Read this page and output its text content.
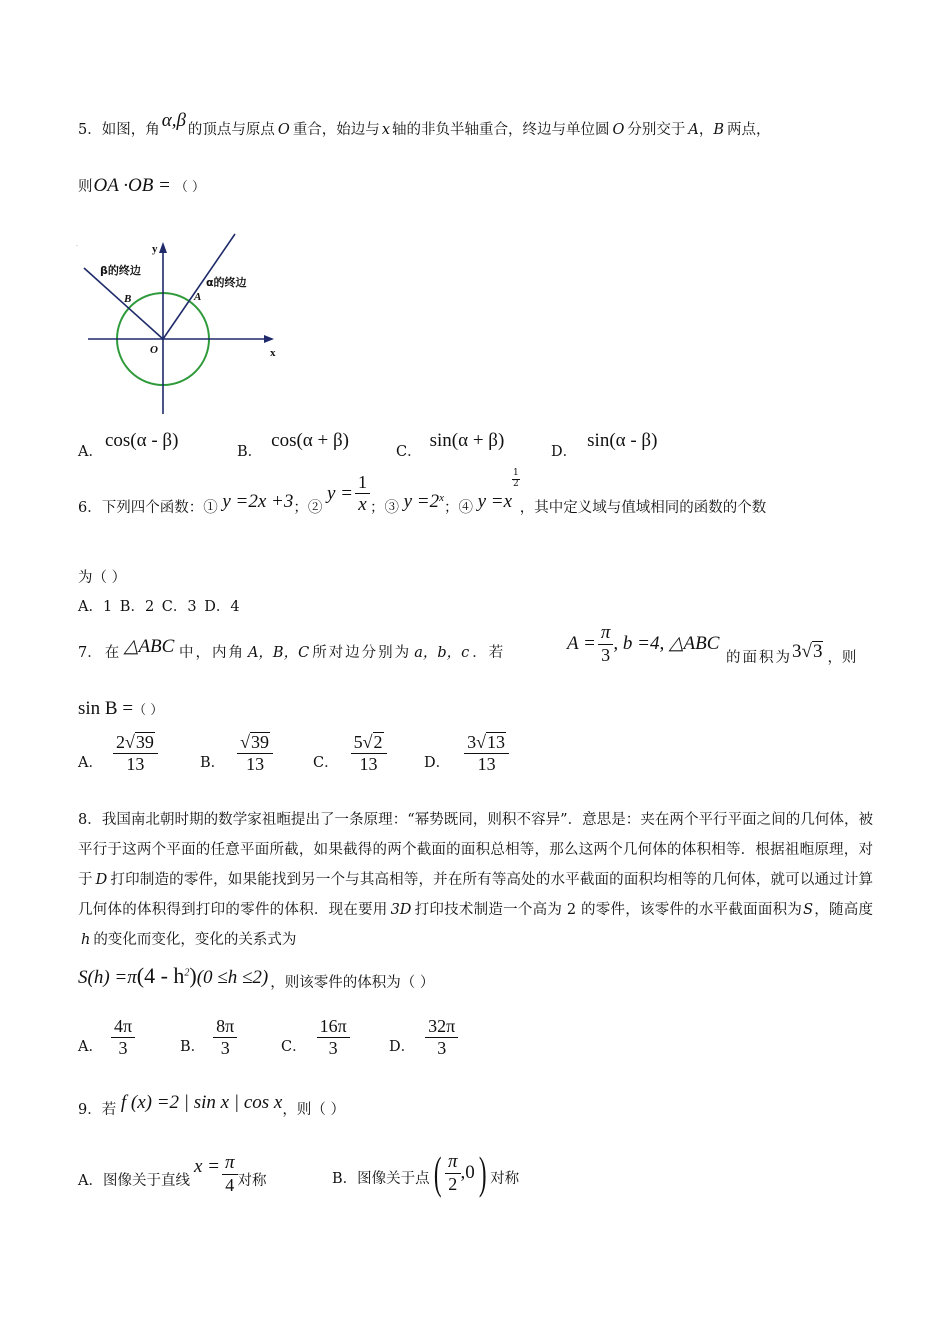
5．如图，角 α,β 的顶点与原点 O 重合，始边与 x 轴的非负半轴重合，终边与单位圆 O 分别交于 A，B 两点，
则OA ·OB = （ ）
.	y
x
O
A
B
α的终边
β的终边
A．cos(α - β)
B．cos(α + β)
C．sin(α + β)
D．sin(α - β)
6．下列四个函数：① y =2x +3；②
$y = \frac{1}{x}$ ；③ $y =2^x$；④ y =x
$\frac{1}{2}$
，其中定义域与值域相同的函数的个数
为（ ）
A．1 B．2 C．3 D．4
7． 在 △ABC 中，内角 A，B，C 所对边分别为 a，b，c ．若	$A = \frac{\pi}{3}$ , b =4, △ABC
的面积为3√3 ，则
sin B =（ ）
A． $\frac{2√39}{13}$	B． $\frac{√39}{13}$	C． $\frac{5√2}{13}$	D． $\frac{3√13}{13}$
8．我国南北朝时期的数学家祖暅提出了一条原理：“幂势既同，则积不容异”．意思是：夹在两个平行平面之间的几何体，被平行于这两个平面的任意平面所截，如果截得的两个截面的面积总相等，那么这两个几何体的体积相等．根据祖暅原理，对于 D 打印制造的零件，如果能找到另一个与其高相等，并在所有等高处的水平截面的面积均相等的几何体，就可以通过计算几何体的体积得到打印的零件的体积．现在要用 3D 打印技术制造一个高为 2 的零件，该零件的水平截面面积为S，随高度h 的变化而变化，变化的关系式为
$S(h) =\pi(4 - h^2)(0 \le h \le 2)$ ，则该零件的体积为（ ）
A． $\frac{4\pi}{3}$	B． $\frac{8\pi}{3}$	C． $\frac{16\pi}{3}$	D． $\frac{32\pi}{3}$
9．若 f (x) =2 | sin x | cos x，则（ ）
A． 图像关于直线
$x = \frac{\pi}{4}$ 对称	B． 图像关于点 ( $\frac{\pi}{2} ,0$ ) 对称
